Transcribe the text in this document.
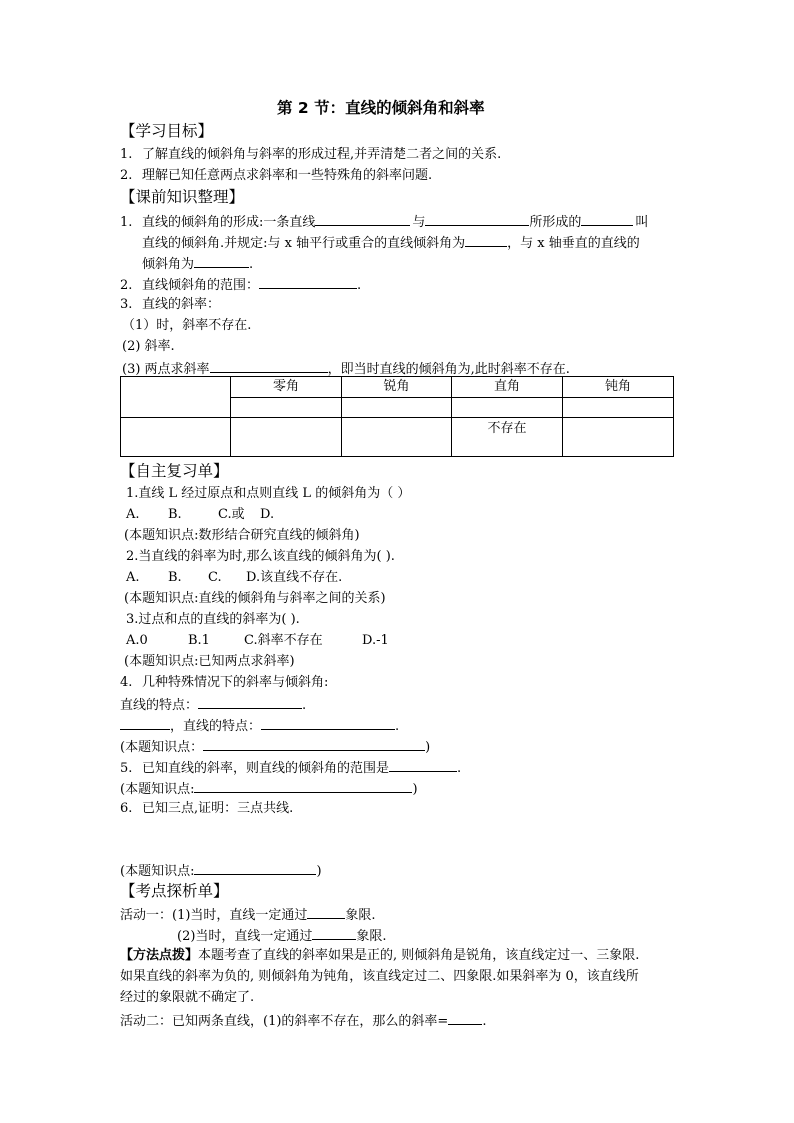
第 2 节：直线的倾斜角和斜率
【学习目标】
1. 了解直线的倾斜角与斜率的形成过程,并弄清楚二者之间的关系.
2. 理解已知任意两点求斜率和一些特殊角的斜率问题.
【课前知识整理】
1. 直线的倾斜角的形成:一条直线	与	所形成的	叫
直线的倾斜角.并规定:与 x 轴平行或重合的直线倾斜角为	，与 x 轴垂直的直线的
倾斜角为	.
2. 直线倾斜角的范围：	.
3. 直线的斜率：
（1）时，斜率不存在.
(2) 斜率.
(3) 两点求斜率	，即当时直线的倾斜角为,此时斜率不存在.
	零角	锐角	直角	钝角

			不存在	
【自主复习单】
1.直线 L 经过原点和点则直线 L 的倾斜角为（ ）
A. B.	C.或 D.
(本题知识点:数形结合研究直线的倾斜角)
2.当直线的斜率为时,那么该直线的倾斜角为( ).
A. B. C. D.该直线不存在.
(本题知识点:直线的倾斜角与斜率之间的关系)
3.过点和点的直线的斜率为( ).
A.0	B.1	C.斜率不存在	D.-1
(本题知识点:已知两点求斜率)
4. 几种特殊情况下的斜率与倾斜角:
直线的特点：	.
，直线的特点：	.
(本题知识点：	)
5. 已知直线的斜率，则直线的倾斜角的范围是	.
(本题知识点:	)
6. 已知三点,证明：三点共线.
(本题知识点:	)
【考点探析单】
活动一：(1)当时，直线一定通过	象限.
(2)当时，直线一定通过	象限.
【方法点拨】本题考查了直线的斜率如果是正的, 则倾斜角是锐角，该直线定过一、三象限.
如果直线的斜率为负的, 则倾斜角为钝角，该直线定过二、四象限.如果斜率为 0，该直线所
经过的象限就不确定了.
活动二：已知两条直线，(1)的斜率不存在，那么的斜率=	.
